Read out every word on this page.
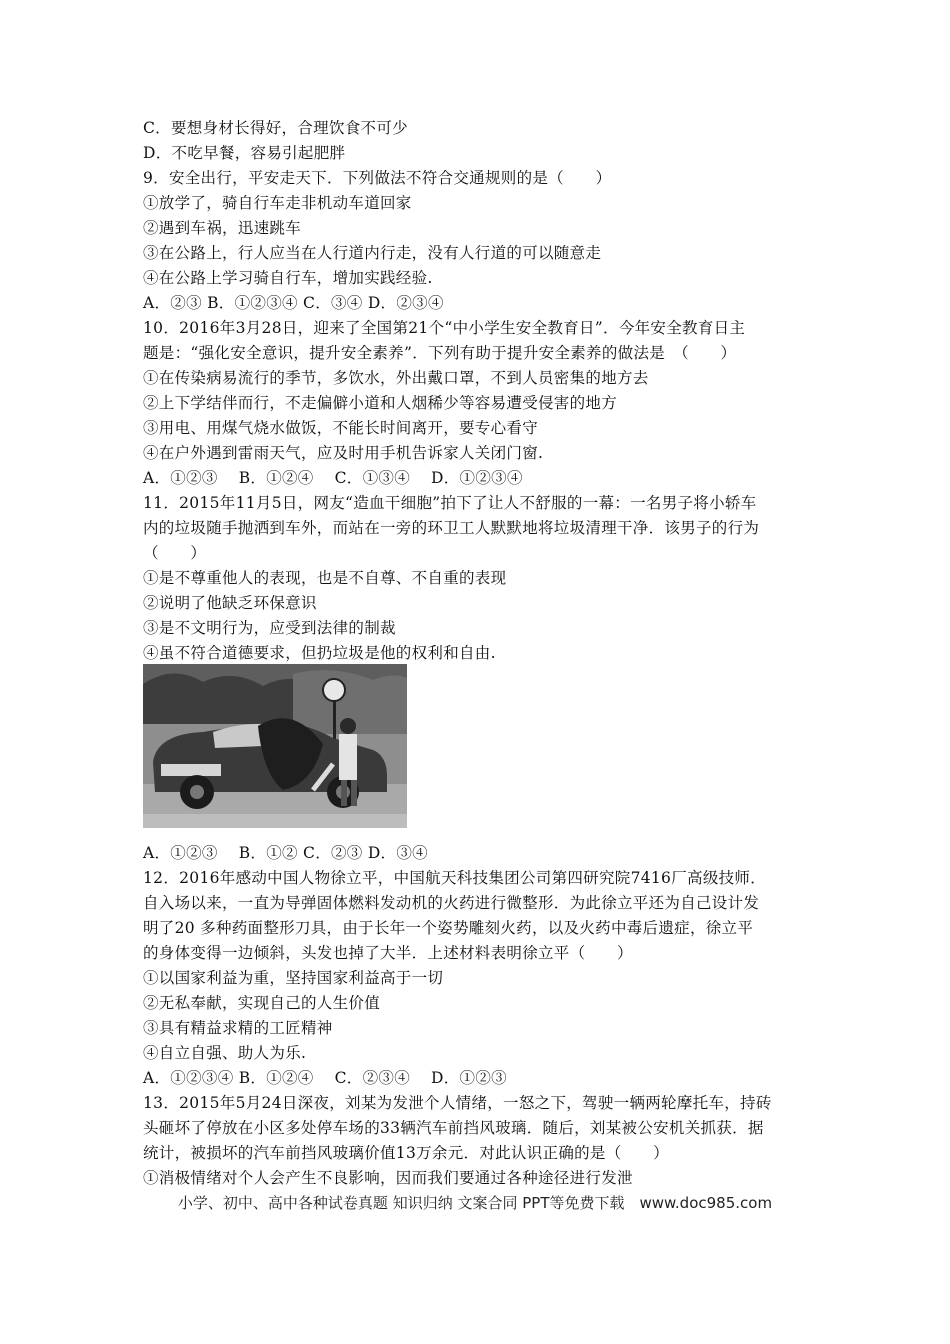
C．要想身材长得好，合理饮食不可少
D．不吃早餐，容易引起肥胖
9．安全出行，平安走天下．下列做法不符合交通规则的是（　　）
①放学了，骑自行车走非机动车道回家
②遇到车祸，迅速跳车
③在公路上，行人应当在人行道内行走，没有人行道的可以随意走
④在公路上学习骑自行车，增加实践经验.
A．②③ B．①②③④ C．③④ D．②③④
10．2016年3月28日，迎来了全国第21个“中小学生安全教育日”．今年安全教育日主
题是：“强化安全意识，提升安全素养”．下列有助于提升安全素养的做法是　（　　）
①在传染病易流行的季节，多饮水，外出戴口罩，不到人员密集的地方去
②上下学结伴而行，不走偏僻小道和人烟稀少等容易遭受侵害的地方
③用电、用煤气烧水做饭，不能长时间离开，要专心看守
④在户外遇到雷雨天气，应及时用手机告诉家人关闭门窗.
A．①②③　 B．①②④　 C．①③④　 D．①②③④
11．2015年11月5日，网友“造血干细胞”拍下了让人不舒服的一幕：一名男子将小轿车
内的垃圾随手抛洒到车外，而站在一旁的环卫工人默默地将垃圾清理干净．该男子的行为
（　　）
①是不尊重他人的表现，也是不自尊、不自重的表现
②说明了他缺乏环保意识
③是不文明行为，应受到法律的制裁
④虽不符合道德要求，但扔垃圾是他的权利和自由.
A．①②③　 B．①② C．②③ D．③④
12．2016年感动中国人物徐立平，中国航天科技集团公司第四研究院7416厂高级技师．
自入场以来，一直为导弹固体燃料发动机的火药进行微整形．为此徐立平还为自己设计发
明了20 多种药面整形刀具，由于长年一个姿势雕刻火药，以及火药中毒后遗症，徐立平
的身体变得一边倾斜，头发也掉了大半．上述材料表明徐立平（　　）
①以国家利益为重，坚持国家利益高于一切
②无私奉献，实现自己的人生价值
③具有精益求精的工匠精神
④自立自强、助人为乐.
A．①②③④ B．①②④　 C．②③④　 D．①②③
13．2015年5月24日深夜，刘某为发泄个人情绪，一怒之下，驾驶一辆两轮摩托车，持砖
头砸坏了停放在小区多处停车场的33辆汽车前挡风玻璃．随后，刘某被公安机关抓获．据
统计，被损坏的汽车前挡风玻璃价值13万余元．对此认识正确的是（　　）
①消极情绪对个人会产生不良影响，因而我们要通过各种途径进行发泄
小学、初中、高中各种试卷真题 知识归纳 文案合同 PPT等免费下载　www.doc985.com
